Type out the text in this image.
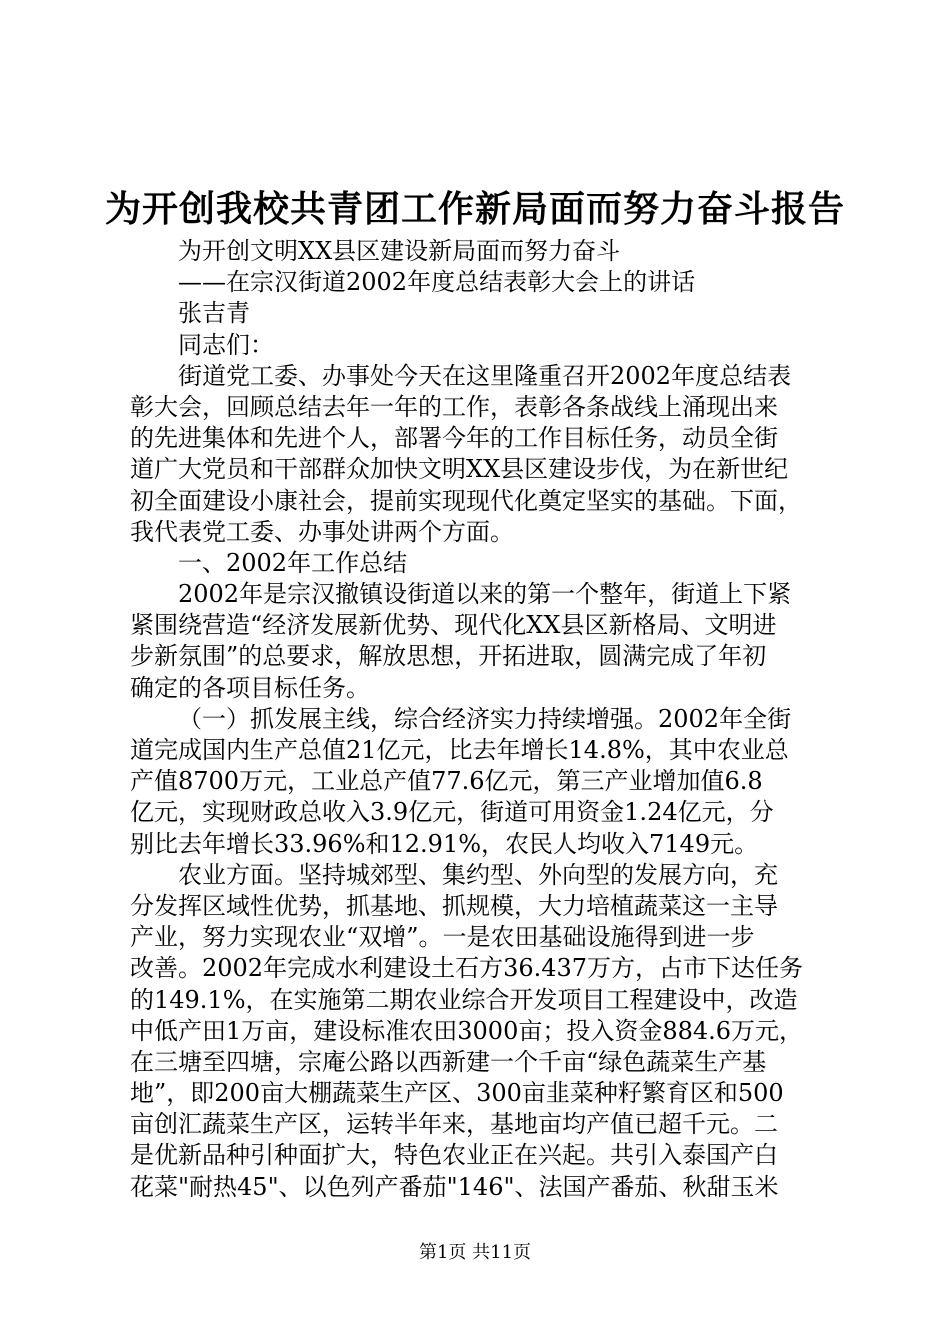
为开创我校共青团工作新局面而努力奋斗报告
为开创文明XX县区建设新局面而努力奋斗
——在宗汉街道2002年度总结表彰大会上的讲话
张吉青
同志们：
街道党工委、办事处今天在这里隆重召开2002年度总结表
彰大会，回顾总结去年一年的工作，表彰各条战线上涌现出来
的先进集体和先进个人，部署今年的工作目标任务，动员全街
道广大党员和干部群众加快文明XX县区建设步伐，为在新世纪
初全面建设小康社会，提前实现现代化奠定坚实的基础。下面，
我代表党工委、办事处讲两个方面。
一、2002年工作总结
2002年是宗汉撤镇设街道以来的第一个整年，街道上下紧
紧围绕营造“经济发展新优势、现代化XX县区新格局、文明进
步新氛围”的总要求，解放思想，开拓进取，圆满完成了年初
确定的各项目标任务。
（一）抓发展主线，综合经济实力持续增强。2002年全街
道完成国内生产总值21亿元，比去年增长14.8%，其中农业总
产值8700万元，工业总产值77.6亿元，第三产业增加值6.8
亿元，实现财政总收入3.9亿元，街道可用资金1.24亿元，分
别比去年增长33.96%和12.91%，农民人均收入7149元。
农业方面。坚持城郊型、集约型、外向型的发展方向，充
分发挥区域性优势，抓基地、抓规模，大力培植蔬菜这一主导
产业，努力实现农业“双增”。一是农田基础设施得到进一步
改善。2002年完成水利建设土石方36.437万方，占市下达任务
的149.1%，在实施第二期农业综合开发项目工程建设中，改造
中低产田1万亩，建设标准农田3000亩；投入资金884.6万元，
在三塘至四塘，宗庵公路以西新建一个千亩“绿色蔬菜生产基
地”，即200亩大棚蔬菜生产区、300亩韭菜种籽繁育区和500
亩创汇蔬菜生产区，运转半年来，基地亩均产值已超千元。二
是优新品种引种面扩大，特色农业正在兴起。共引入泰国产白
花菜"耐热45"、以色列产番茄"146"、法国产番茄、秋甜玉米
第1页 共11页
